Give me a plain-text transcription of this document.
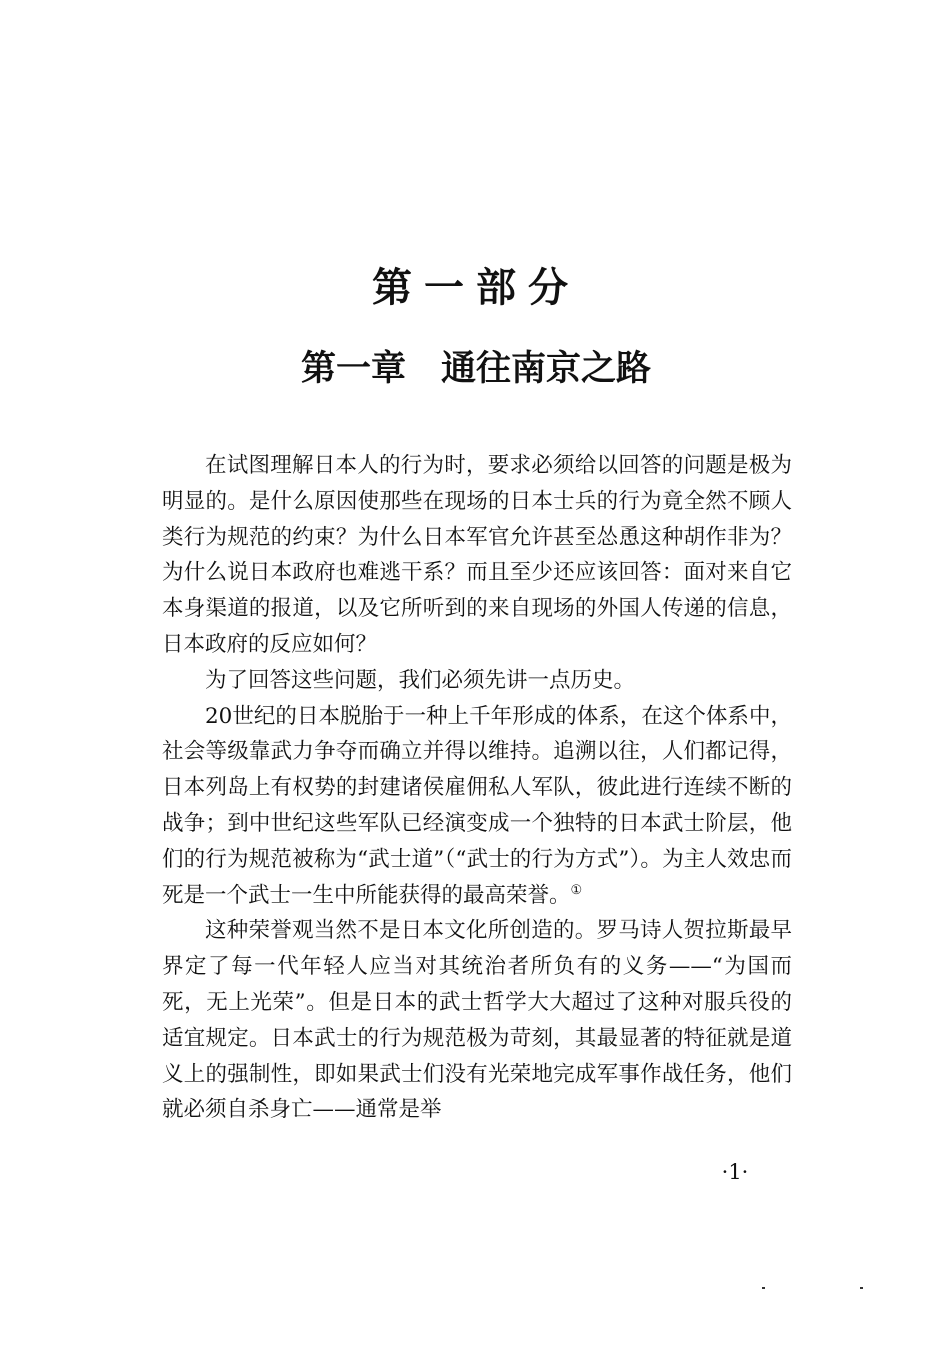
第一部分
第一章　通往南京之路

在试图理解日本人的行为时，要求必须给以回答的问题是极为明显的。是什么原因使那些在现场的日本士兵的行为竟全然不顾人类行为规范的约束？为什么日本军官允许甚至怂恿这种胡作非为？为什么说日本政府也难逃干系？而且至少还应该回答：面对来自它本身渠道的报道，以及它所听到的来自现场的外国人传递的信息，日本政府的反应如何？

为了回答这些问题，我们必须先讲一点历史。

20世纪的日本脱胎于一种上千年形成的体系，在这个体系中，社会等级靠武力争夺而确立并得以维持。追溯以往，人们都记得，日本列岛上有权势的封建诸侯雇佣私人军队，彼此进行连续不断的战争；到中世纪这些军队已经演变成一个独特的日本武士阶层，他们的行为规范被称为“武士道”（“武士的行为方式”）。为主人效忠而死是一个武士一生中所能获得的最高荣誉。①

这种荣誉观当然不是日本文化所创造的。罗马诗人贺拉斯最早界定了每一代年轻人应当对其统治者所负有的义务——“为国而死，无上光荣”。但是日本的武士哲学大大超过了这种对服兵役的适宜规定。日本武士的行为规范极为苛刻，其最显著的特征就是道义上的强制性，即如果武士们没有光荣地完成军事作战任务，他们就必须自杀身亡——通常是举

·1·
